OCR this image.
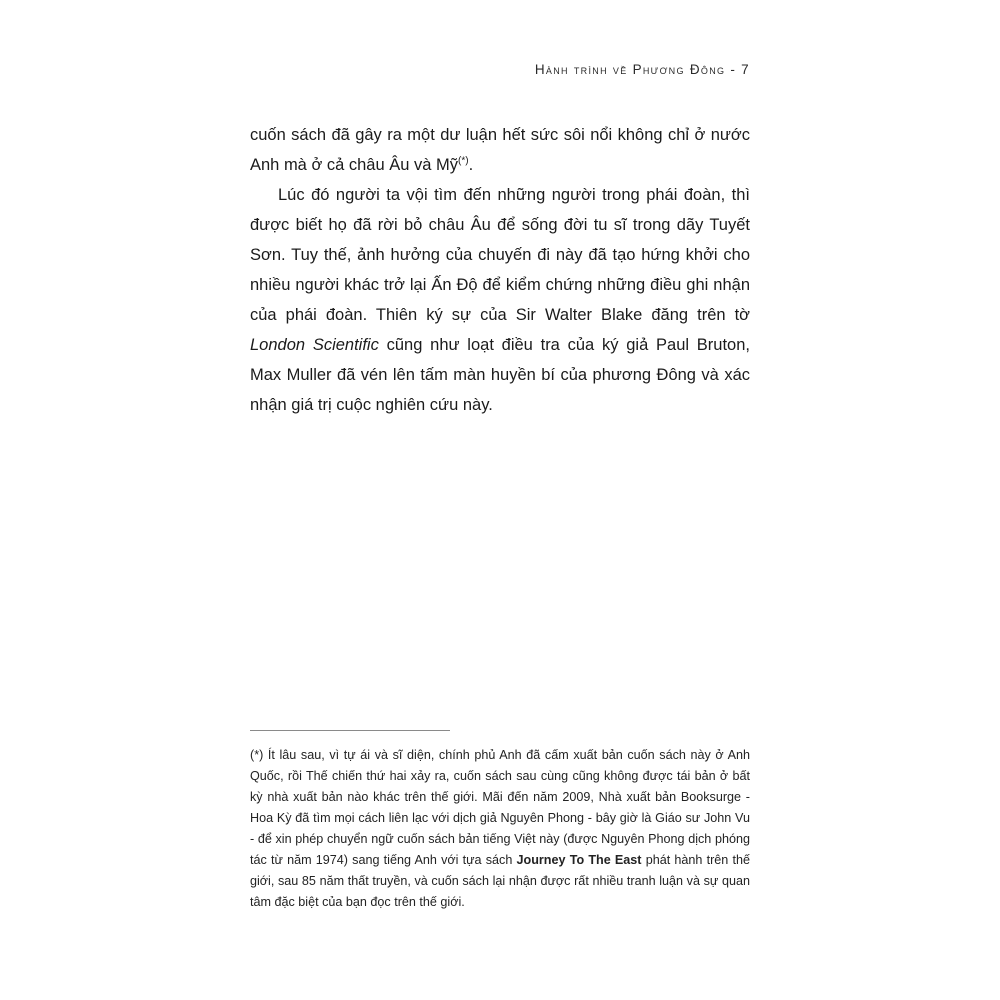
Hành trình về Phương Đông - 7

cuốn sách đã gây ra một dư luận hết sức sôi nổi không chỉ ở nước Anh mà ở cả châu Âu và Mỹ(*).

Lúc đó người ta vội tìm đến những người trong phái đoàn, thì được biết họ đã rời bỏ châu Âu để sống đời tu sĩ trong dãy Tuyết Sơn. Tuy thế, ảnh hưởng của chuyến đi này đã tạo hứng khởi cho nhiều người khác trở lại Ấn Độ để kiểm chứng những điều ghi nhận của phái đoàn. Thiên ký sự của Sir Walter Blake đăng trên tờ London Scientific cũng như loạt điều tra của ký giả Paul Bruton, Max Muller đã vén lên tấm màn huyền bí của phương Đông và xác nhận giá trị cuộc nghiên cứu này.

(*) Ít lâu sau, vì tự ái và sĩ diện, chính phủ Anh đã cấm xuất bản cuốn sách này ở Anh Quốc, rồi Thế chiến thứ hai xảy ra, cuốn sách sau cùng cũng không được tái bản ở bất kỳ nhà xuất bản nào khác trên thế giới. Mãi đến năm 2009, Nhà xuất bản Booksurge - Hoa Kỳ đã tìm mọi cách liên lạc với dịch giả Nguyên Phong - bây giờ là Giáo sư John Vu - để xin phép chuyển ngữ cuốn sách bản tiếng Việt này (được Nguyên Phong dịch phóng tác từ năm 1974) sang tiếng Anh với tựa sách Journey To The East phát hành trên thế giới, sau 85 năm thất truyền, và cuốn sách lại nhận được rất nhiều tranh luận và sự quan tâm đặc biệt của bạn đọc trên thế giới.
